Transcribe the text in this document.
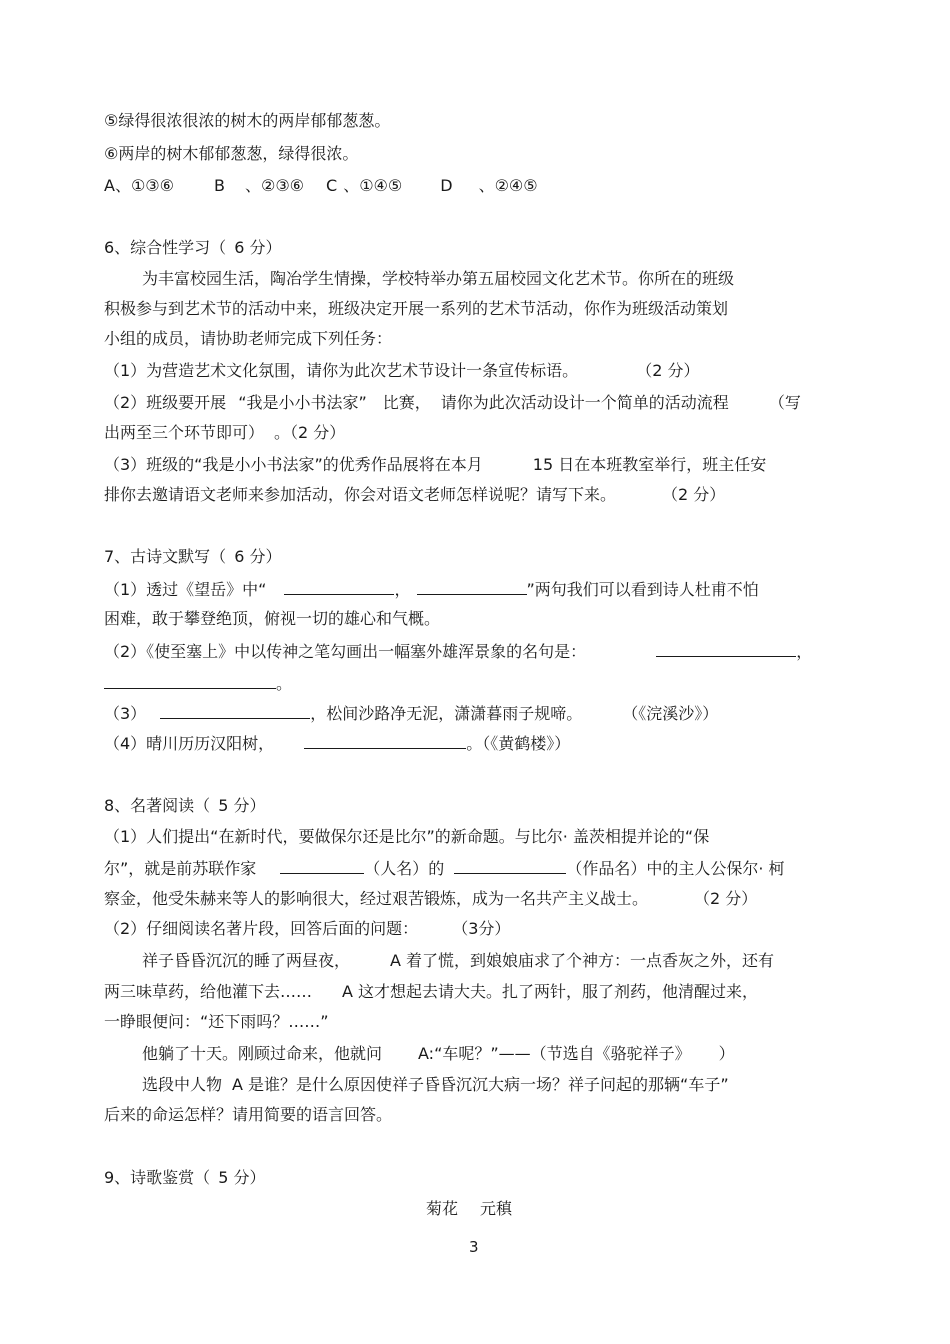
⑤绿得很浓很浓的树木的两岸郁郁葱葱。
⑥两岸的树木郁郁葱葱，绿得很浓。
A、①③⑥	B 、②③⑥ C 、①④⑤ D 、②④⑤
6、综合性学习（ 6 分）
为丰富校园生活，陶冶学生情操，学校特举办第五届校园文化艺术节。你所在的班级
积极参与到艺术节的活动中来，班级决定开展一系列的艺术节活动，你作为班级活动策划
小组的成员，请协助老师完成下列任务：
（1）为营造艺术文化氛围，请你为此次艺术节设计一条宣传标语。	（2 分）
（2）班级要开展 “我是小小书法家” 比赛， 请你为此次活动设计一个简单的活动流程	（写
出两至三个环节即可） 。（2 分）
（3）班级的“我是小小书法家”的优秀作品展将在本月	15 日在本班教室举行，班主任安
排你去邀请语文老师来参加活动，你会对语文老师怎样说呢？请写下来。	（2 分）
7、古诗文默写（ 6 分）
（1）透过《望岳》中“	，	”两句我们可以看到诗人杜甫不怕
困难，敢于攀登绝顶，俯视一切的雄心和气概。
（2）《使至塞上》中以传神之笔勾画出一幅塞外雄浑景象的名句是：	，
。
（3）	，松间沙路净无泥，潇潇暮雨子规啼。	（《浣溪沙》）
（4）晴川历历汉阳树，	。（《黄鹤楼》）
8、名著阅读（ 5 分）
（1）人们提出“在新时代，要做保尔还是比尔”的新命题。与比尔· 盖茨相提并论的“保
尔”，就是前苏联作家	（人名）的	（作品名）中的主人公保尔· 柯
察金，他受朱赫来等人的影响很大，经过艰苦锻炼，成为一名共产主义战士。	（2 分）
（2）仔细阅读名著片段，回答后面的问题： （3分）
祥子昏昏沉沉的睡了两昼夜，	A 着了慌，到娘娘庙求了个神方：一点香灰之外，还有
两三味草药，给他灌下去…… A 这才想起去请大夫。扎了两针，服了剂药，他清醒过来，
一睁眼便问：“还下雨吗？……”
他躺了十天。刚顾过命来，他就问 A:“车呢？”——（节选自《骆驼祥子》 ）
选段中人物 A 是谁？是什么原因使祥子昏昏沉沉大病一场？祥子问起的那辆“车子”
后来的命运怎样？请用简要的语言回答。
9、诗歌鉴赏（ 5 分）
菊花 元稹
3
